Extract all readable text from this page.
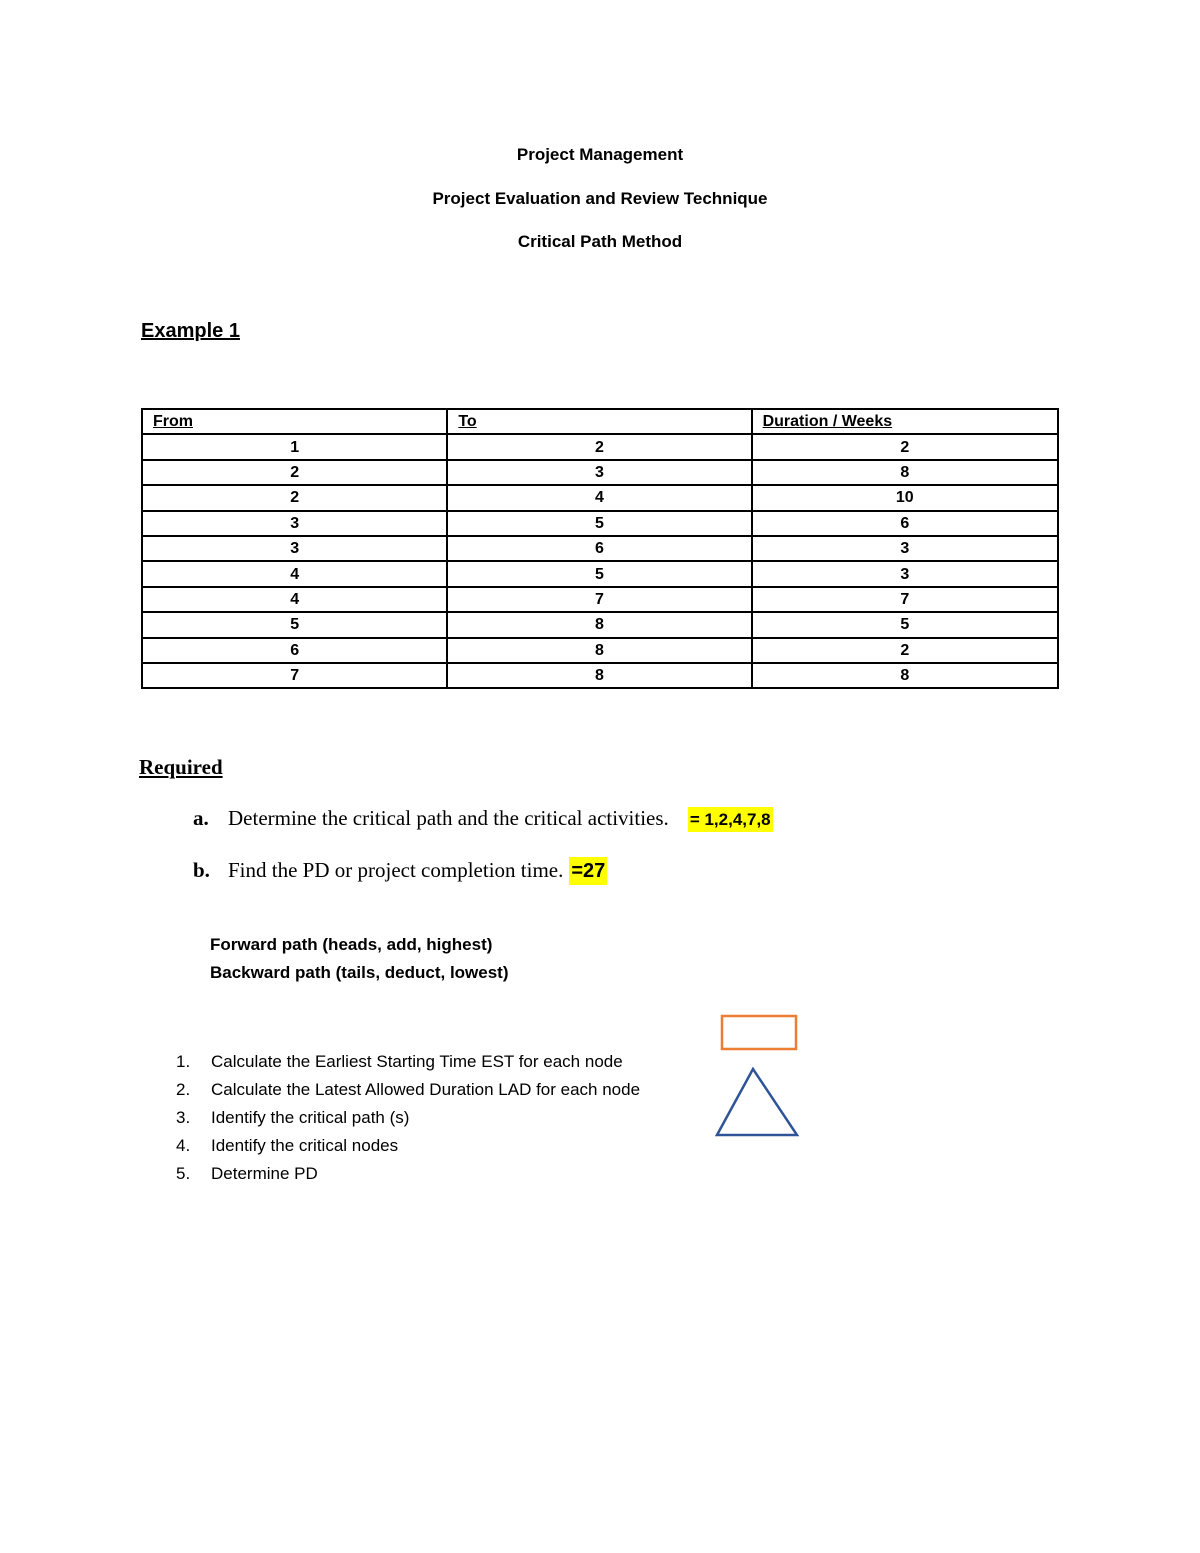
Project Management
Project Evaluation and Review Technique
Critical Path Method
Example 1
From	To	Duration / Weeks
1	2	2
2	3	8
2	4	10
3	5	6
3	6	3
4	5	3
4	7	7
5	8	5
6	8	2
7	8	8
Required
a. Determine the critical path and the critical activities. = 1,2,4,7,8
b. Find the PD or project completion time. =27
Forward path (heads, add, highest)
Backward path (tails, deduct, lowest)
1. Calculate the Earliest Starting Time EST for each node
2. Calculate the Latest Allowed Duration LAD for each node
3. Identify the critical path (s)
4. Identify the critical nodes
5. Determine PD
